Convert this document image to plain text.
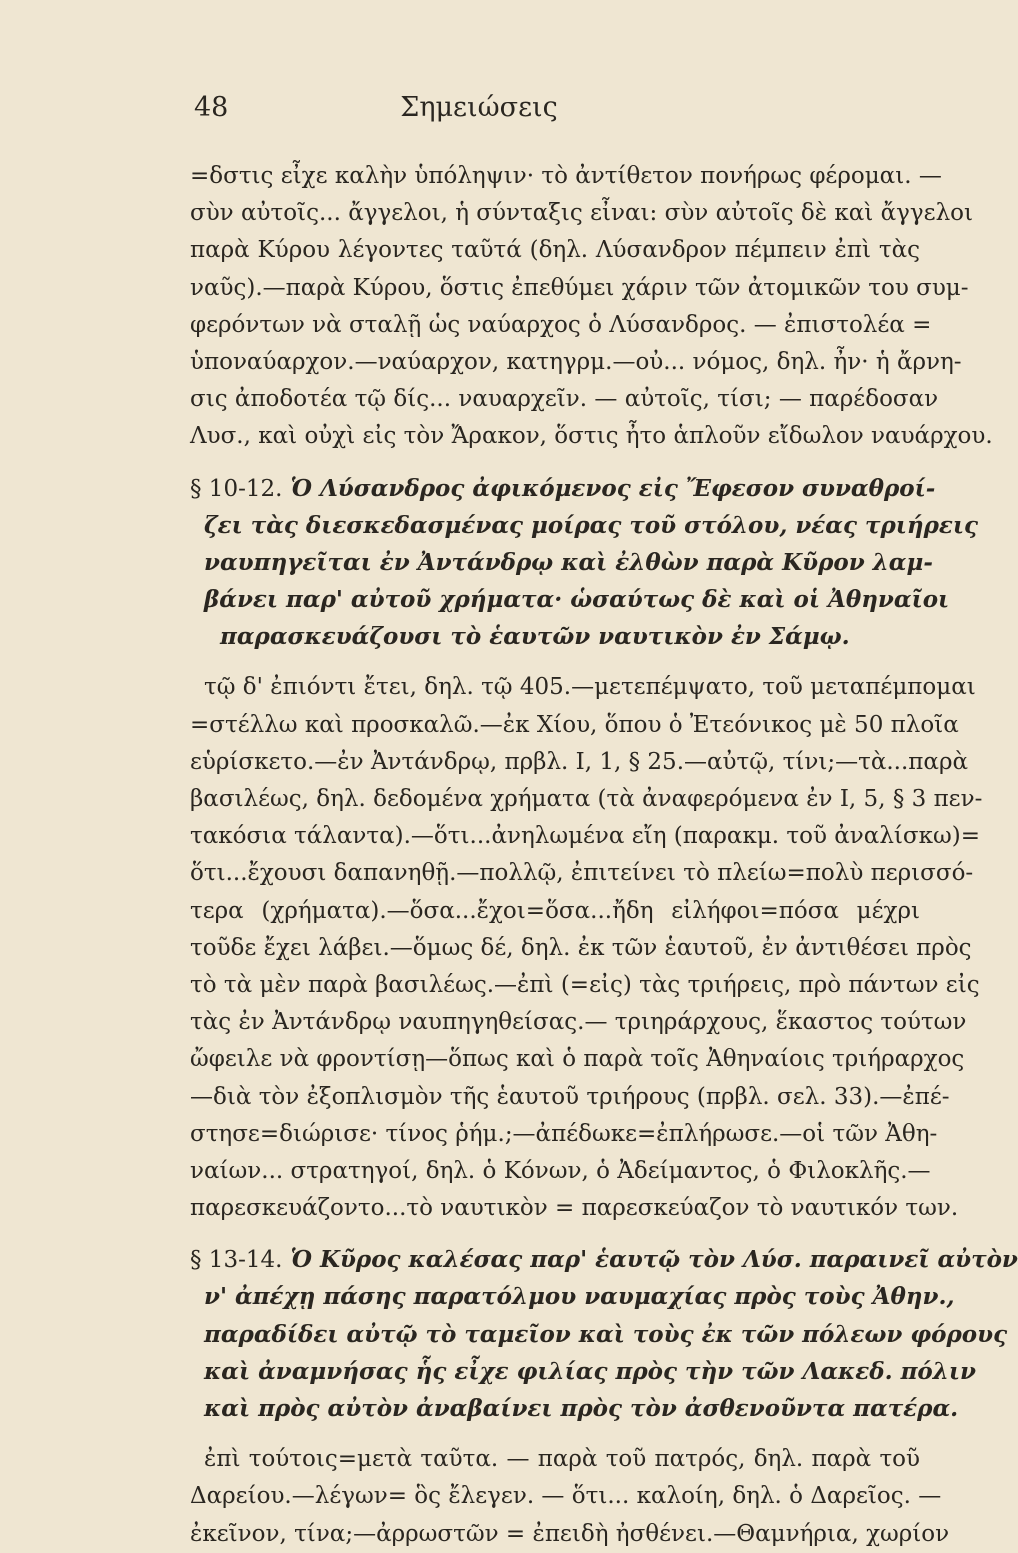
48	Σημειώσεις
=δστις εἶχε καλὴν ὑπόληψιν· τὸ ἀντίθετον πονήρως φέρομαι. —
σὺν αὐτοῖς... ἄγγελοι, ἡ σύνταξις εἶναι: σὺν αὐτοῖς δὲ καὶ ἄγγελοι
παρὰ Κύρου λέγοντες ταῦτά (δηλ. Λύσανδρον πέμπειν ἐπὶ τὰς
ναῦς).—παρὰ Κύρου, ὅστις ἐπεθύμει χάριν τῶν ἀτομικῶν του συμ-
φερόντων νὰ σταλῇ ὡς ναύαρχος ὁ Λύσανδρος. — ἐπιστολέα =
ὑποναύαρχον.—ναύαρχον, κατηγρμ.—οὐ... νόμος, δηλ. ἦν· ἡ ἄρνη-
σις ἀποδοτέα τῷ δίς... ναυαρχεῖν. — αὐτοῖς, τίσι; — παρέδοσαν
Λυσ., καὶ οὐχὶ εἰς τὸν Ἄρακον, ὅστις ἦτο ἁπλοῦν εἴδωλον ναυάρχου.
§ 10-12. Ὁ Λύσανδρος ἀφικόμενος εἰς Ἔφεσον συναθροί-
ζει τὰς διεσκεδασμένας μοίρας τοῦ στόλου, νέας τριήρεις
ναυπηγεῖται ἐν Ἀντάνδρῳ καὶ ἐλθὼν παρὰ Κῦρον λαμ-
βάνει παρ' αὐτοῦ χρήματα· ὡσαύτως δὲ καὶ οἱ Ἀθηναῖοι
παρασκευάζουσι τὸ ἑαυτῶν ναυτικὸν ἐν Σάμῳ.
τῷ δ' ἐπιόντι ἔτει, δηλ. τῷ 405.—μετεπέμψατο, τοῦ μεταπέμπομαι
=στέλλω καὶ προσκαλῶ.—ἐκ Χίου, ὅπου ὁ Ἐτεόνικος μὲ 50 πλοῖα
εὑρίσκετο.—ἐν Ἀντάνδρῳ, πρβλ. I, 1, § 25.—αὐτῷ, τίνι;—τὰ...παρὰ
βασιλέως, δηλ. δεδομένα χρήματα (τὰ ἀναφερόμενα ἐν I, 5, § 3 πεν-
τακόσια τάλαντα).—ὅτι...ἀνηλωμένα εἴη (παρακμ. τοῦ ἀναλίσκω)=
ὅτι...ἔχουσι δαπανηθῇ.—πολλῷ, ἐπιτείνει τὸ πλείω=πολὺ περισσό-
τερα (χρήματα).—ὅσα...ἔχοι=ὅσα...ἤδη εἰλήφοι=πόσα μέχρι
τοῦδε ἔχει λάβει.—ὅμως δέ, δηλ. ἐκ τῶν ἑαυτοῦ, ἐν ἀντιθέσει πρὸς
τὸ τὰ μὲν παρὰ βασιλέως.—ἐπὶ (=εἰς) τὰς τριήρεις, πρὸ πάντων εἰς
τὰς ἐν Ἀντάνδρῳ ναυπηγηθείσας.— τριηράρχους, ἕκαστος τούτων
ὤφειλε νὰ φροντίσῃ—ὅπως καὶ ὁ παρὰ τοῖς Ἀθηναίοις τριήραρχος
—διὰ τὸν ἐξοπλισμὸν τῆς ἑαυτοῦ τριήρους (πρβλ. σελ. 33).—ἐπέ-
στησε=διώρισε· τίνος ῥήμ.;—ἀπέδωκε=ἐπλήρωσε.—οἱ τῶν Ἀθη-
ναίων... στρατηγοί, δηλ. ὁ Κόνων, ὁ Ἀδείμαντος, ὁ Φιλοκλῆς.—
παρεσκευάζοντο...τὸ ναυτικὸν = παρεσκεύαζον τὸ ναυτικόν των.
§ 13-14. Ὁ Κῦρος καλέσας παρ' ἑαυτῷ τὸν Λύσ. παραινεῖ αὐτὸν
ν' ἀπέχῃ πάσης παρατόλμου ναυμαχίας πρὸς τοὺς Ἀθην.,
παραδίδει αὐτῷ τὸ ταμεῖον καὶ τοὺς ἐκ τῶν πόλεων φόρους
καὶ ἀναμνήσας ἧς εἶχε φιλίας πρὸς τὴν τῶν Λακεδ. πόλιν
καὶ πρὸς αὐτὸν ἀναβαίνει πρὸς τὸν ἀσθενοῦντα πατέρα.
ἐπὶ τούτοις=μετὰ ταῦτα. — παρὰ τοῦ πατρός, δηλ. παρὰ τοῦ
Δαρείου.—λέγων= ὃς ἔλεγεν. — ὅτι... καλοίη, δηλ. ὁ Δαρεῖος. —
ἐκεῖνον, τίνα;—ἀρρωστῶν = ἐπειδὴ ἠσθένει.—Θαμνήρια, χωρίον
